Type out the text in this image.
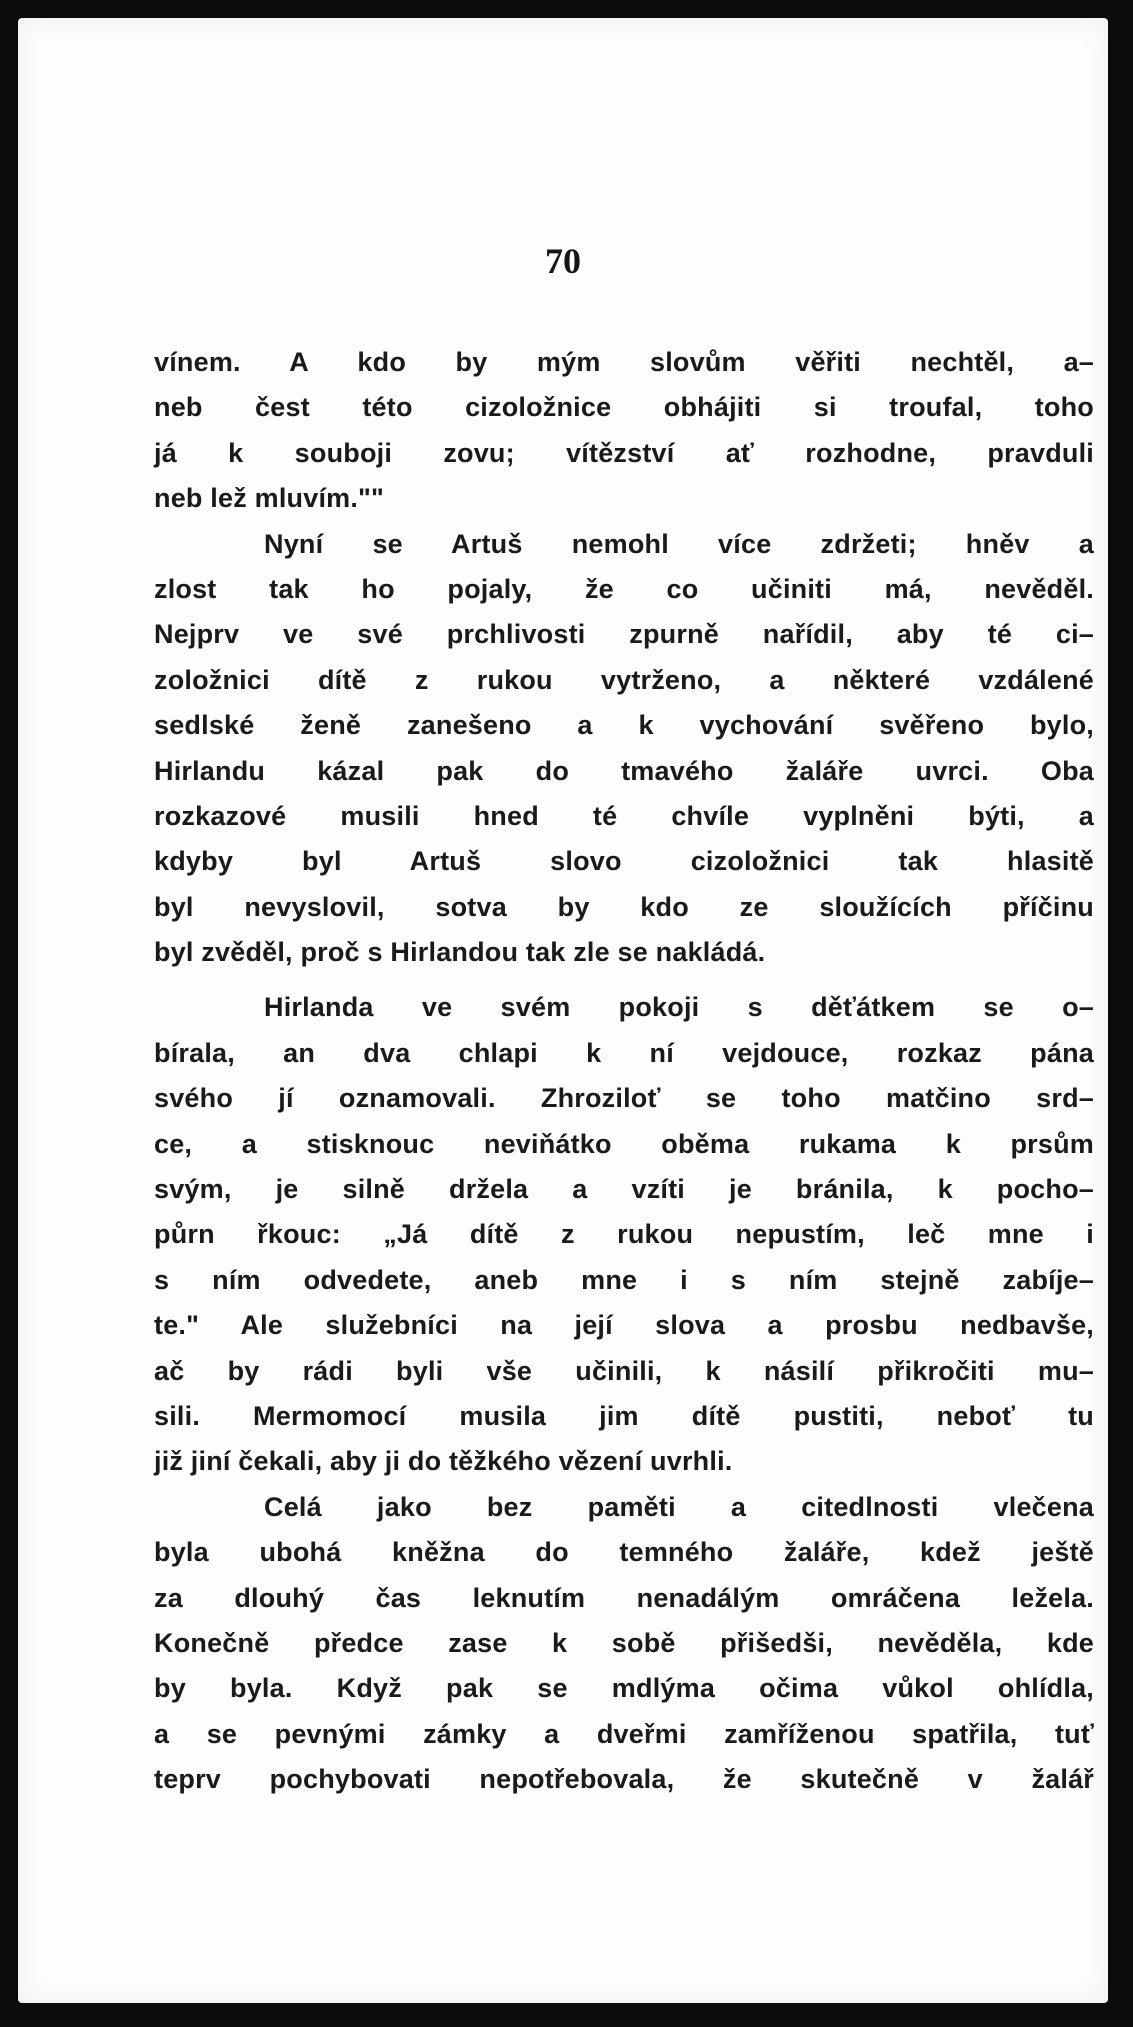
70

vínem. A kdo by mým slovům věřiti nechtěl, a–
neb čest této cizoložnice obhájiti si troufal, toho
já k souboji zovu; vítězství ať rozhodne, pravduli
neb lež mluvím.""
Nyní se Artuš nemohl více zdržeti; hněv a
zlost tak ho pojaly, že co učiniti má, nevěděl.
Nejprv ve své prchlivosti zpurně nařídil, aby té ci–
zoložnici dítě z rukou vytrženo, a některé vzdálené
sedlské ženě zanešeno a k vychování svěřeno bylo,
Hirlandu kázal pak do tmavého žaláře uvrci. Oba
rozkazové musili hned té chvíle vyplněni býti, a
kdyby byl Artuš slovo cizoložnici tak hlasitě
byl nevyslovil, sotva by kdo ze sloužících příčinu
byl zvěděl, proč s Hirlandou tak zle se nakládá.
Hirlanda ve svém pokoji s děťátkem se o–
bírala, an dva chlapi k ní vejdouce, rozkaz pána
svého jí oznamovali. Zhroziloť se toho matčino srd–
ce, a stisknouc neviňátko oběma rukama k prsům
svým, je silně držela a vzíti je bránila, k pocho–
půrn řkouc: „Já dítě z rukou nepustím, leč mne i
s ním odvedete, aneb mne i s ním stejně zabíje–
te." Ale služebníci na její slova a prosbu nedbavše,
ač by rádi byli vše učinili, k násilí přikročiti mu–
sili. Mermomocí musila jim dítě pustiti, neboť tu
již jiní čekali, aby ji do těžkého vězení uvrhli.
Celá jako bez paměti a citedlnosti vlečena
byla ubohá kněžna do temného žaláře, kdež ještě
za dlouhý čas leknutím nenadálým omráčena ležela.
Konečně předce zase k sobě přišedši, nevěděla, kde
by byla. Když pak se mdlýma očima vůkol ohlídla,
a se pevnými zámky a dveřmi zamříženou spatřila, tuť
teprv pochybovati nepotřebovala, že skutečně v žalář
